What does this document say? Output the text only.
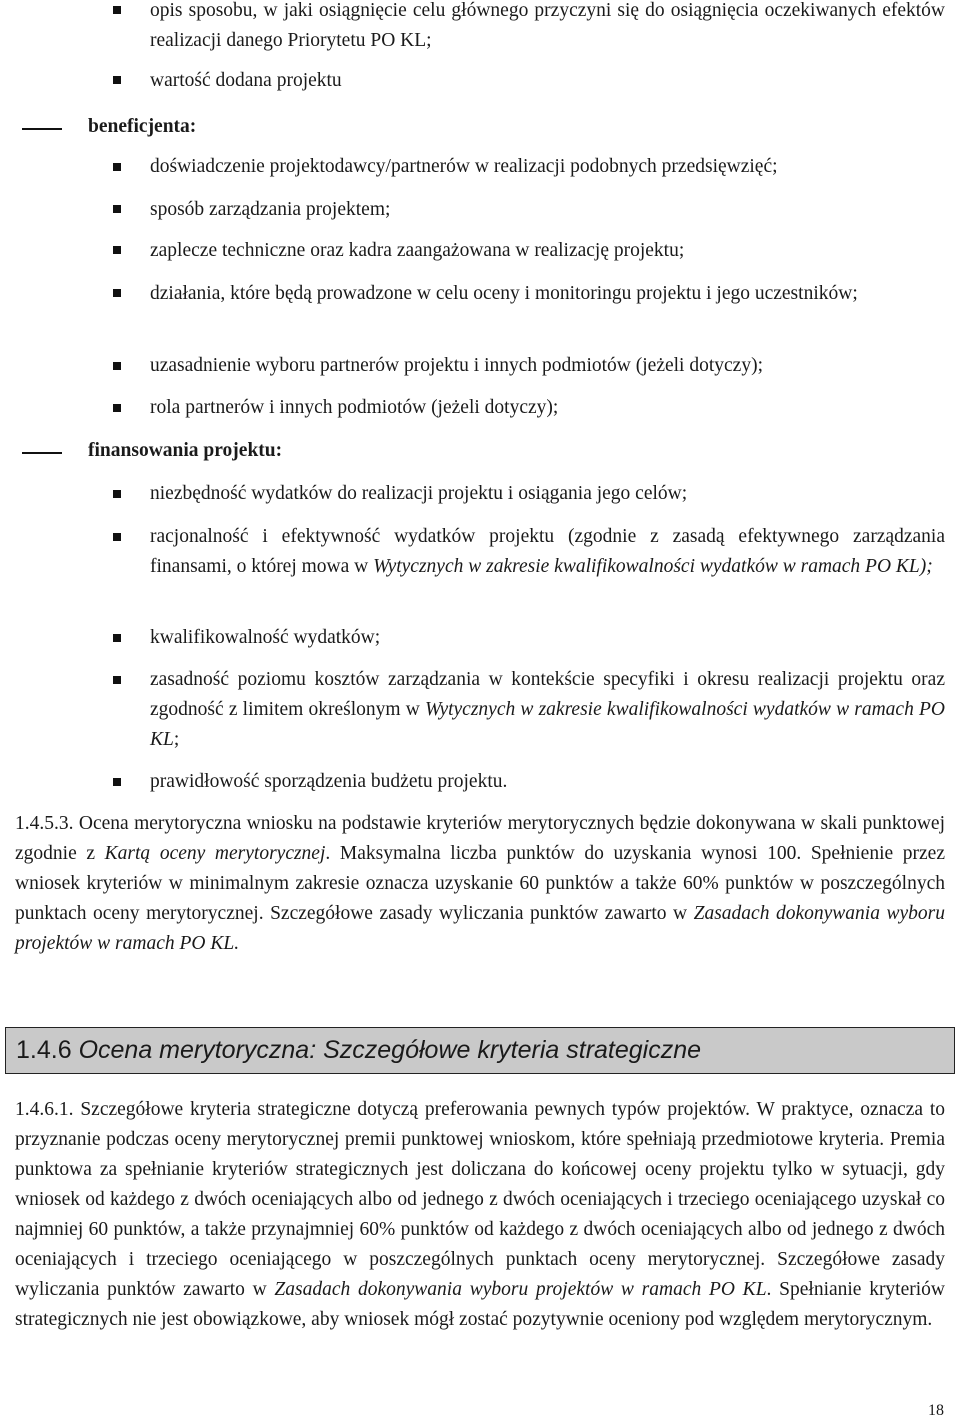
opis sposobu, w jaki osiągnięcie celu głównego przyczyni się do osiągnięcia oczekiwanych efektów realizacji danego Priorytetu PO KL;
wartość dodana projektu
beneficjenta:
doświadczenie projektodawcy/partnerów w realizacji podobnych przedsięwzięć;
sposób zarządzania projektem;
zaplecze techniczne oraz kadra zaangażowana w realizację projektu;
działania, które będą prowadzone w celu oceny i monitoringu projektu i jego uczestników;
uzasadnienie wyboru partnerów projektu i innych podmiotów (jeżeli dotyczy);
rola partnerów i innych podmiotów (jeżeli dotyczy);
finansowania projektu:
niezbędność wydatków do realizacji projektu i osiągania jego celów;
racjonalność i efektywność wydatków projektu (zgodnie z zasadą efektywnego zarządzania finansami, o której mowa w Wytycznych w zakresie kwalifikowalności wydatków w ramach PO KL);
kwalifikowalność wydatków;
zasadność poziomu kosztów zarządzania w kontekście specyfiki i okresu realizacji projektu oraz zgodność z limitem określonym w Wytycznych w zakresie kwalifikowalności wydatków w ramach PO KL;
prawidłowość sporządzenia budżetu projektu.
1.4.5.3. Ocena merytoryczna wniosku na podstawie kryteriów merytorycznych będzie dokonywana w skali punktowej zgodnie z Kartą oceny merytorycznej. Maksymalna liczba punktów do uzyskania wynosi 100. Spełnienie przez wniosek kryteriów w minimalnym zakresie oznacza uzyskanie 60 punktów a także 60% punktów w poszczególnych punktach oceny merytorycznej. Szczegółowe zasady wyliczania punktów zawarto w Zasadach dokonywania wyboru projektów w ramach PO KL.
1.4.6 Ocena merytoryczna: Szczegółowe kryteria strategiczne
1.4.6.1. Szczegółowe kryteria strategiczne dotyczą preferowania pewnych typów projektów. W praktyce, oznacza to przyznanie podczas oceny merytorycznej premii punktowej wnioskom, które spełniają przedmiotowe kryteria. Premia punktowa za spełnianie kryteriów strategicznych jest doliczana do końcowej oceny projektu tylko w sytuacji, gdy wniosek od każdego z dwóch oceniających albo od jednego z dwóch oceniających i trzeciego oceniającego uzyskał co najmniej 60 punktów, a także przynajmniej 60% punktów od każdego z dwóch oceniających albo od jednego z dwóch oceniających i trzeciego oceniającego w poszczególnych punktach oceny merytorycznej. Szczegółowe zasady wyliczania punktów zawarto w Zasadach dokonywania wyboru projektów w ramach PO KL. Spełnianie kryteriów strategicznych nie jest obowiązkowe, aby wniosek mógł zostać pozytywnie oceniony pod względem merytorycznym.
18
